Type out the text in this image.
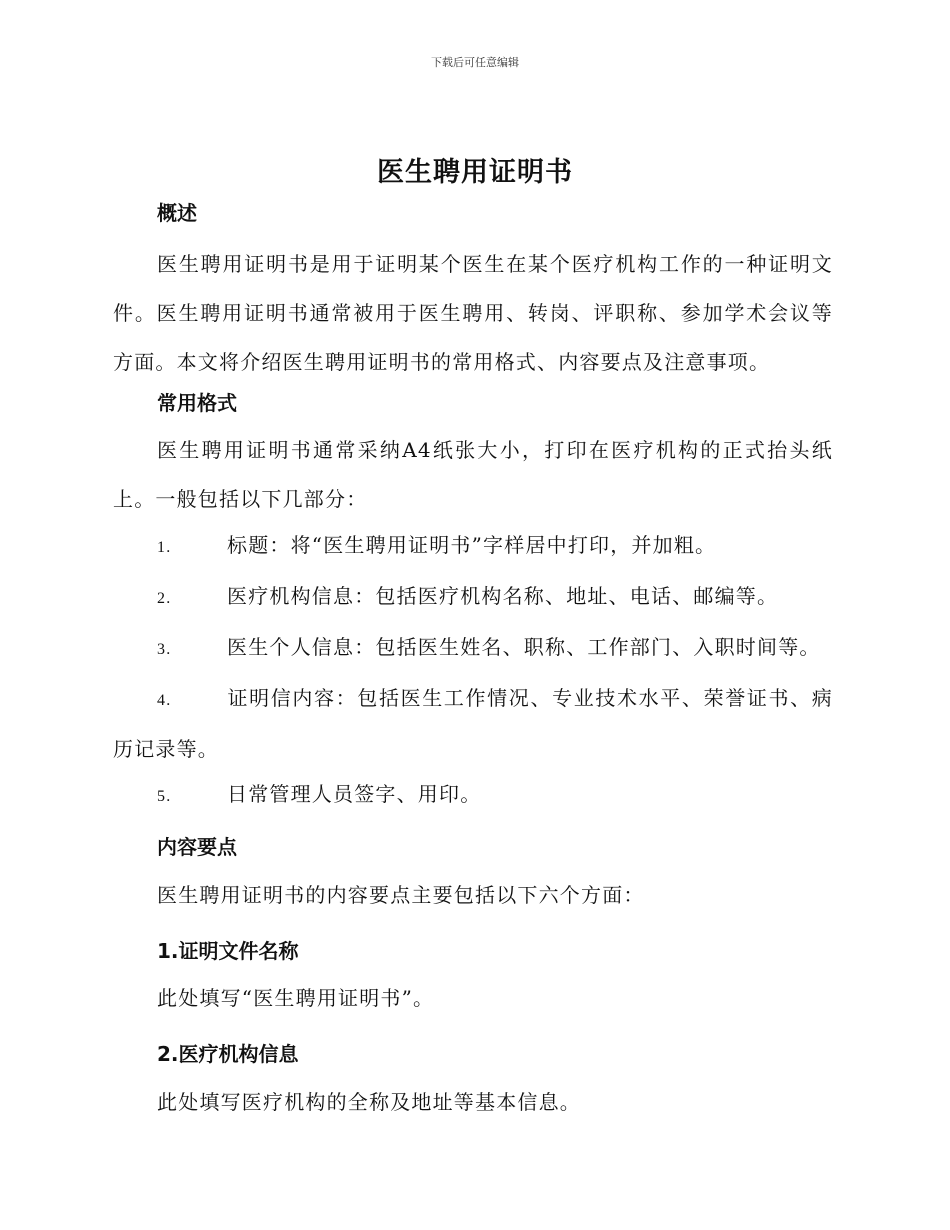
下载后可任意编辑
医生聘用证明书
概述
医生聘用证明书是用于证明某个医生在某个医疗机构工作的一种证明文件。医生聘用证明书通常被用于医生聘用、转岗、评职称、参加学术会议等方面。本文将介绍医生聘用证明书的常用格式、内容要点及注意事项。
常用格式
医生聘用证明书通常采纳A4纸张大小，打印在医疗机构的正式抬头纸上。一般包括以下几部分：
1.	标题：将“医生聘用证明书”字样居中打印，并加粗。
2.	医疗机构信息：包括医疗机构名称、地址、电话、邮编等。
3.	医生个人信息：包括医生姓名、职称、工作部门、入职时间等。
4.	证明信内容：包括医生工作情况、专业技术水平、荣誉证书、病历记录等。
5.	日常管理人员签字、用印。
内容要点
医生聘用证明书的内容要点主要包括以下六个方面：
1.证明文件名称
此处填写“医生聘用证明书”。
2.医疗机构信息
此处填写医疗机构的全称及地址等基本信息。
